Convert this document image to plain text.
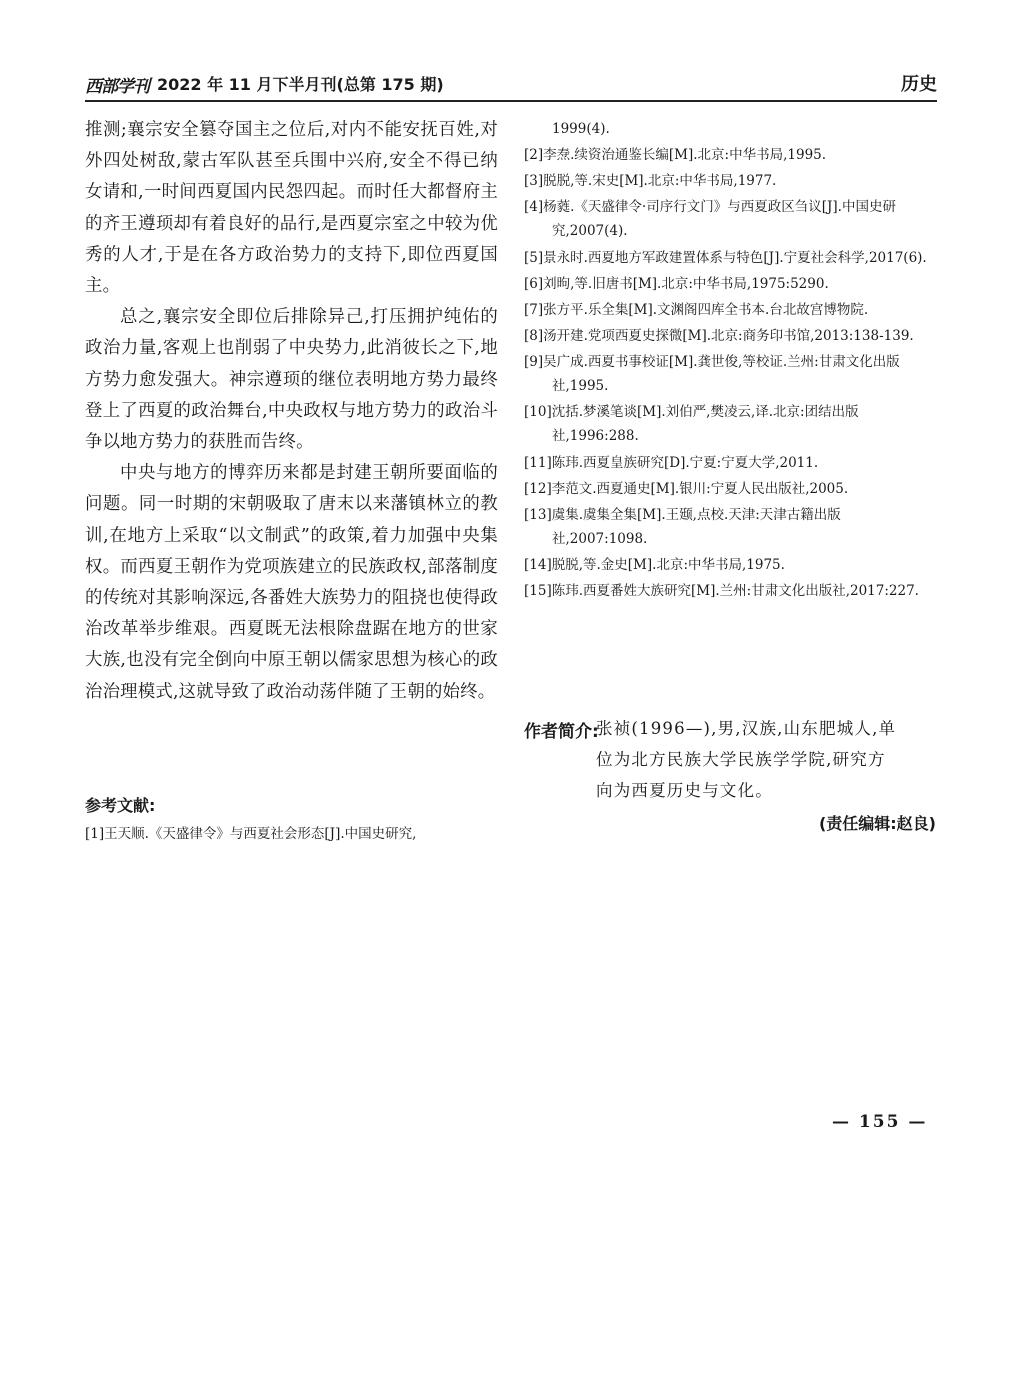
西部学刊 2022 年 11 月下半月刊(总第 175 期)	历史

推测;襄宗安全篡夺国主之位后,对内不能安抚百姓,对外四处树敌,蒙古军队甚至兵围中兴府,安全不得已纳女请和,一时间西夏国内民怨四起。而时任大都督府主的齐王遵顼却有着良好的品行,是西夏宗室之中较为优秀的人才,于是在各方政治势力的支持下,即位西夏国主。

总之,襄宗安全即位后排除异己,打压拥护纯佑的政治力量,客观上也削弱了中央势力,此消彼长之下,地方势力愈发强大。神宗遵顼的继位表明地方势力最终登上了西夏的政治舞台,中央政权与地方势力的政治斗争以地方势力的获胜而告终。

中央与地方的博弈历来都是封建王朝所要面临的问题。同一时期的宋朝吸取了唐末以来藩镇林立的教训,在地方上采取“以文制武”的政策,着力加强中央集权。而西夏王朝作为党项族建立的民族政权,部落制度的传统对其影响深远,各番姓大族势力的阻挠也使得政治改革举步维艰。西夏既无法根除盘踞在地方的世家大族,也没有完全倒向中原王朝以儒家思想为核心的政治治理模式,这就导致了政治动荡伴随了王朝的始终。

参考文献:
[1]王天顺.《天盛律令》与西夏社会形态[J].中国史研究,

1999(4).

[2]李焘.续资治通鉴长编[M].北京:中华书局,1995.

[3]脱脱,等.宋史[M].北京:中华书局,1977.

[4]杨蕤.《天盛律令·司序行文门》与西夏政区刍议[J].中国史研究,2007(4).

[5]景永时.西夏地方军政建置体系与特色[J].宁夏社会科学,2017(6).

[6]刘昫,等.旧唐书[M].北京:中华书局,1975:5290.

[7]张方平.乐全集[M].文渊阁四库全书本.台北故宫博物院.

[8]汤开建.党项西夏史探微[M].北京:商务印书馆,2013:138-139.

[9]吴广成.西夏书事校证[M].龚世俊,等校证.兰州:甘肃文化出版社,1995.

[10]沈括.梦溪笔谈[M].刘伯严,樊凌云,译.北京:团结出版社,1996:288.

[11]陈玮.西夏皇族研究[D].宁夏:宁夏大学,2011.

[12]李范文.西夏通史[M].银川:宁夏人民出版社,2005.

[13]虞集.虞集全集[M].王颋,点校.天津:天津古籍出版社,2007:1098.

[14]脱脱,等.金史[M].北京:中华书局,1975.

[15]陈玮.西夏番姓大族研究[M].兰州:甘肃文化出版社,2017:227.

作者简介:
张祯(1996—),男,汉族,山东肥城人,单
位为北方民族大学民族学学院,研究方
向为西夏历史与文化。
(责任编辑:赵良)
— 155 —
